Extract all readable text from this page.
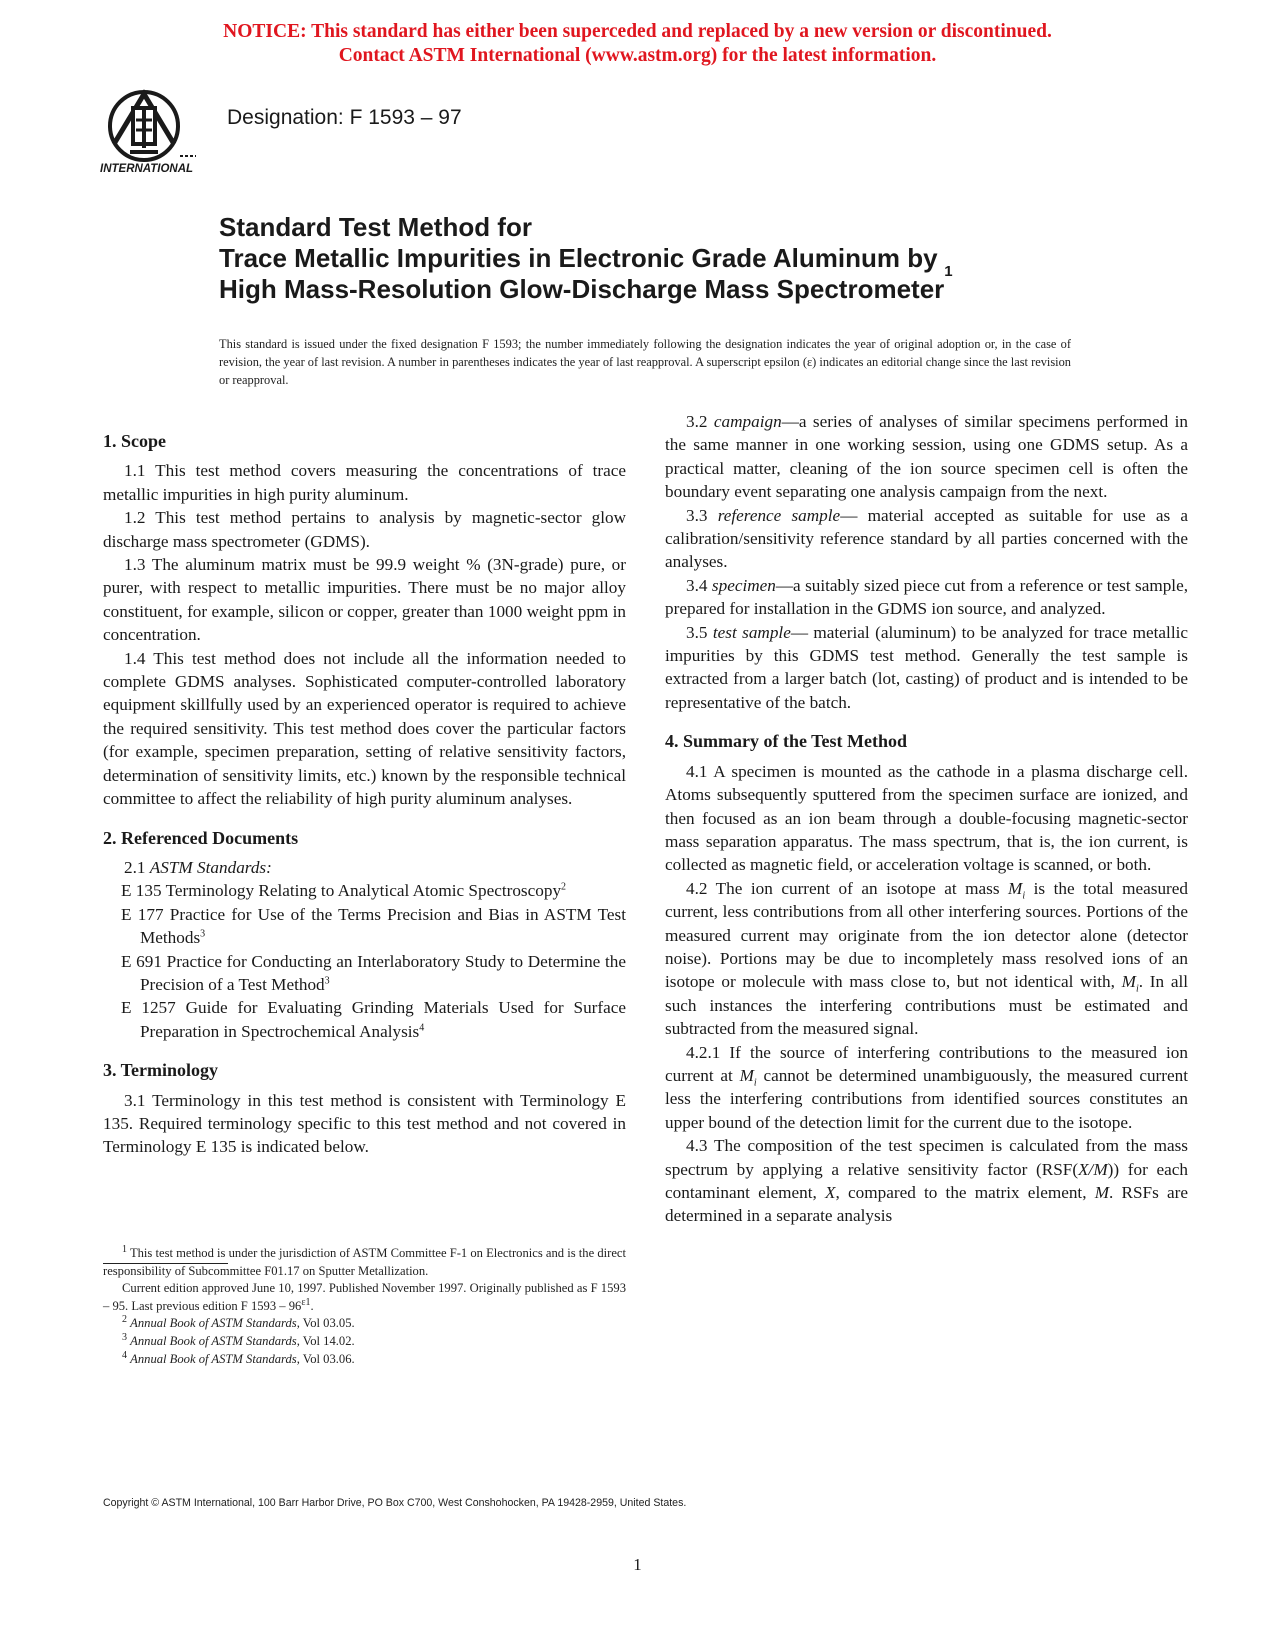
NOTICE: This standard has either been superceded and replaced by a new version or discontinued.
Contact ASTM International (www.astm.org) for the latest information.
INTERNATIONAL
Designation: F 1593 – 97
Standard Test Method for
Trace Metallic Impurities in Electronic Grade Aluminum by
High Mass-Resolution Glow-Discharge Mass Spectrometer$^1$
This standard is issued under the fixed designation F 1593; the number immediately following the designation indicates the year of original adoption or, in the case of revision, the year of last revision. A number in parentheses indicates the year of last reapproval. A superscript epsilon (ε) indicates an editorial change since the last revision or reapproval.
1. Scope

1.1 This test method covers measuring the concentrations of trace metallic impurities in high purity aluminum.

1.2 This test method pertains to analysis by magnetic-sector glow discharge mass spectrometer (GDMS).

1.3 The aluminum matrix must be 99.9 weight % (3N-grade) pure, or purer, with respect to metallic impurities. There must be no major alloy constituent, for example, silicon or copper, greater than 1000 weight ppm in concentration.

1.4 This test method does not include all the information needed to complete GDMS analyses. Sophisticated computer-controlled laboratory equipment skillfully used by an experienced operator is required to achieve the required sensitivity. This test method does cover the particular factors (for example, specimen preparation, setting of relative sensitivity factors, determination of sensitivity limits, etc.) known by the responsible technical committee to affect the reliability of high purity aluminum analyses.

2. Referenced Documents

2.1 ASTM Standards:

E 135 Terminology Relating to Analytical Atomic Spectroscopy$^2$

E 177 Practice for Use of the Terms Precision and Bias in ASTM Test Methods$^3$

E 691 Practice for Conducting an Interlaboratory Study to Determine the Precision of a Test Method$^3$

E 1257 Guide for Evaluating Grinding Materials Used for Surface Preparation in Spectrochemical Analysis$^4$

3. Terminology

3.1 Terminology in this test method is consistent with Terminology E 135. Required terminology specific to this test method and not covered in Terminology E 135 is indicated below.

$^1$ This test method is under the jurisdiction of ASTM Committee F-1 on Electronics and is the direct responsibility of Subcommittee F01.17 on Sputter Metallization.

Current edition approved June 10, 1997. Published November 1997. Originally published as F 1593 – 95. Last previous edition F $1593 - 96^{\varepsilon 1}$.

$^2$ Annual Book of ASTM Standards, Vol 03.05.

$^3$ Annual Book of ASTM Standards, Vol 14.02.

$^4$ Annual Book of ASTM Standards, Vol 03.06.

3.2 campaign—a series of analyses of similar specimens performed in the same manner in one working session, using one GDMS setup. As a practical matter, cleaning of the ion source specimen cell is often the boundary event separating one analysis campaign from the next.

3.3 reference sample— material accepted as suitable for use as a calibration/sensitivity reference standard by all parties concerned with the analyses.

3.4 specimen—a suitably sized piece cut from a reference or test sample, prepared for installation in the GDMS ion source, and analyzed.

3.5 test sample— material (aluminum) to be analyzed for trace metallic impurities by this GDMS test method. Generally the test sample is extracted from a larger batch (lot, casting) of product and is intended to be representative of the batch.

4. Summary of the Test Method

4.1 A specimen is mounted as the cathode in a plasma discharge cell. Atoms subsequently sputtered from the specimen surface are ionized, and then focused as an ion beam through a double-focusing magnetic-sector mass separation apparatus. The mass spectrum, that is, the ion current, is collected as magnetic field, or acceleration voltage is scanned, or both.

4.2 The ion current of an isotope at mass $M_i$ is the total measured current, less contributions from all other interfering sources. Portions of the measured current may originate from the ion detector alone (detector noise). Portions may be due to incompletely mass resolved ions of an isotope or molecule with mass close to, but not identical with, $M_i$. In all such instances the interfering contributions must be estimated and subtracted from the measured signal.

4.2.1 If the source of interfering contributions to the measured ion current at $M_i$ cannot be determined unambiguously, the measured current less the interfering contributions from identified sources constitutes an upper bound of the detection limit for the current due to the isotope.

4.3 The composition of the test specimen is calculated from the mass spectrum by applying a relative sensitivity factor (RSF(X/M)) for each contaminant element, X, compared to the matrix element, M. RSFs are determined in a separate analysis

Copyright © ASTM International, 100 Barr Harbor Drive, PO Box C700, West Conshohocken, PA 19428-2959, United States.
1
